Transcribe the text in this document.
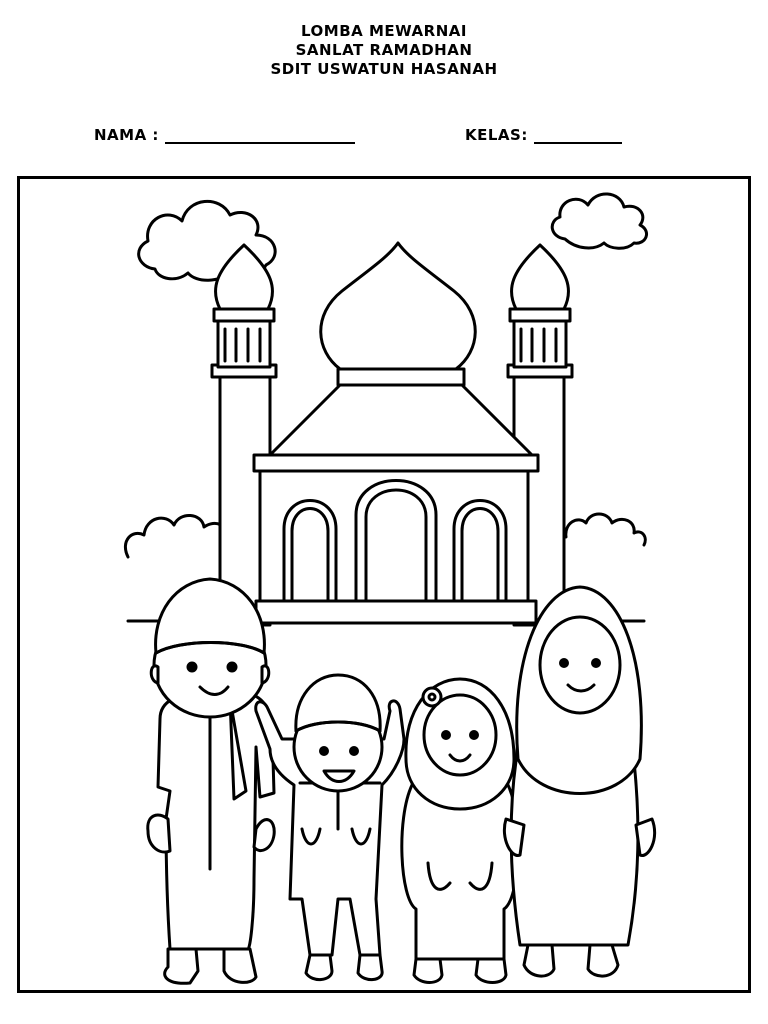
LOMBA MEWARNAI
SANLAT RAMADHAN
SDIT USWATUN HASANAH
NAMA :	KELAS:
